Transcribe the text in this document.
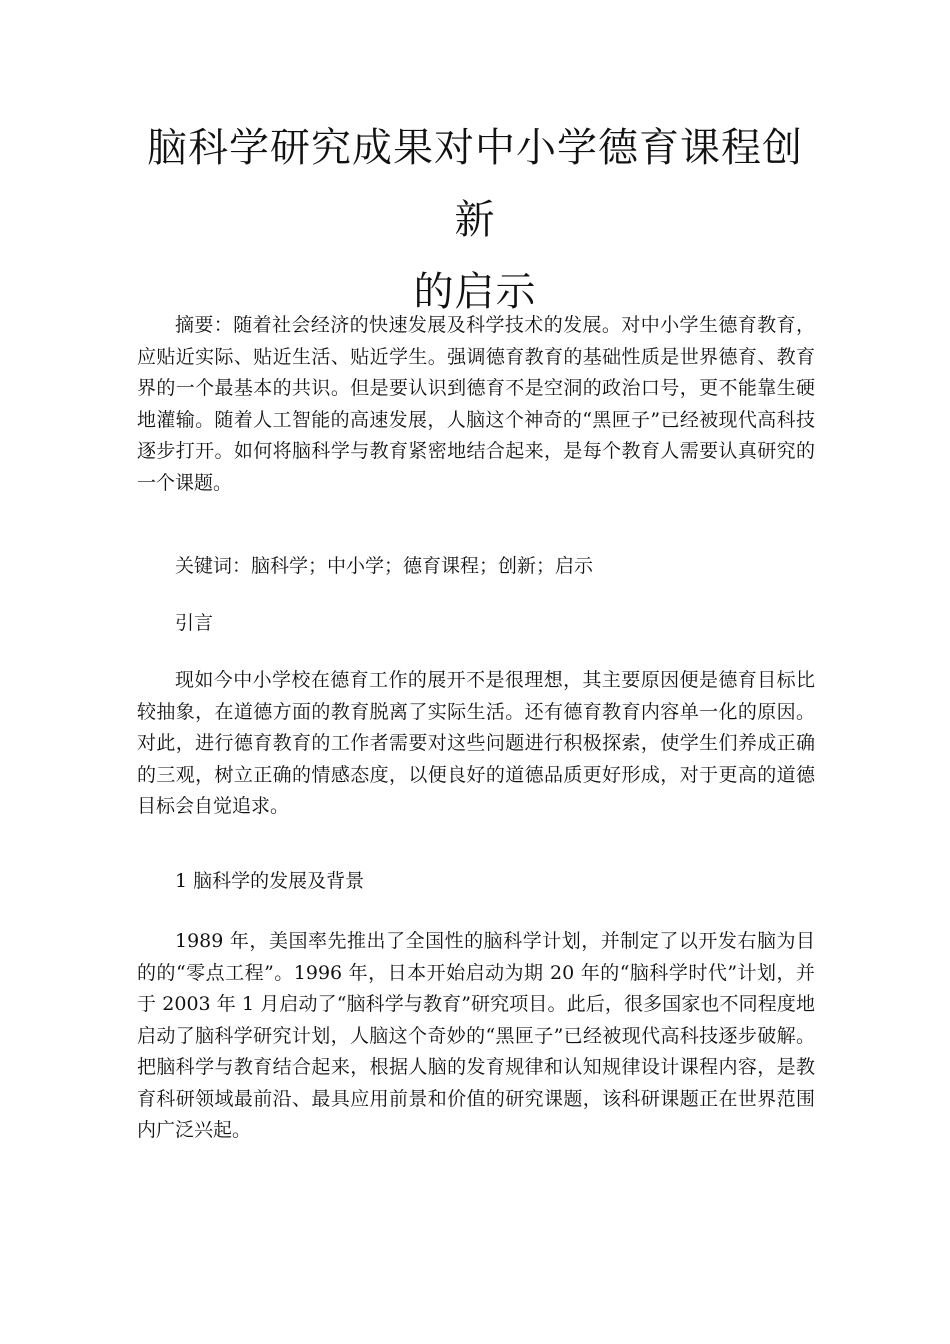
脑科学研究成果对中小学德育课程创新
的启示

摘要：随着社会经济的快速发展及科学技术的发展。对中小学生德育教育，应贴近实际、贴近生活、贴近学生。强调德育教育的基础性质是世界德育、教育界的一个最基本的共识。但是要认识到德育不是空洞的政治口号，更不能靠生硬地灌输。随着人工智能的高速发展，人脑这个神奇的“黑匣子”已经被现代高科技逐步打开。如何将脑科学与教育紧密地结合起来，是每个教育人需要认真研究的一个课题。

关键词：脑科学；中小学；德育课程；创新；启示

引言

现如今中小学校在德育工作的展开不是很理想，其主要原因便是德育目标比较抽象，在道德方面的教育脱离了实际生活。还有德育教育内容单一化的原因。对此，进行德育教育的工作者需要对这些问题进行积极探索，使学生们养成正确的三观，树立正确的情感态度，以便良好的道德品质更好形成，对于更高的道德目标会自觉追求。

1 脑科学的发展及背景

1989 年，美国率先推出了全国性的脑科学计划，并制定了以开发右脑为目的的“零点工程”。1996 年，日本开始启动为期 20 年的“脑科学时代”计划，并于 2003 年 1 月启动了“脑科学与教育”研究项目。此后，很多国家也不同程度地启动了脑科学研究计划，人脑这个奇妙的“黑匣子”已经被现代高科技逐步破解。把脑科学与教育结合起来，根据人脑的发育规律和认知规律设计课程内容，是教育科研领域最前沿、最具应用前景和价值的研究课题，该科研课题正在世界范围内广泛兴起。
